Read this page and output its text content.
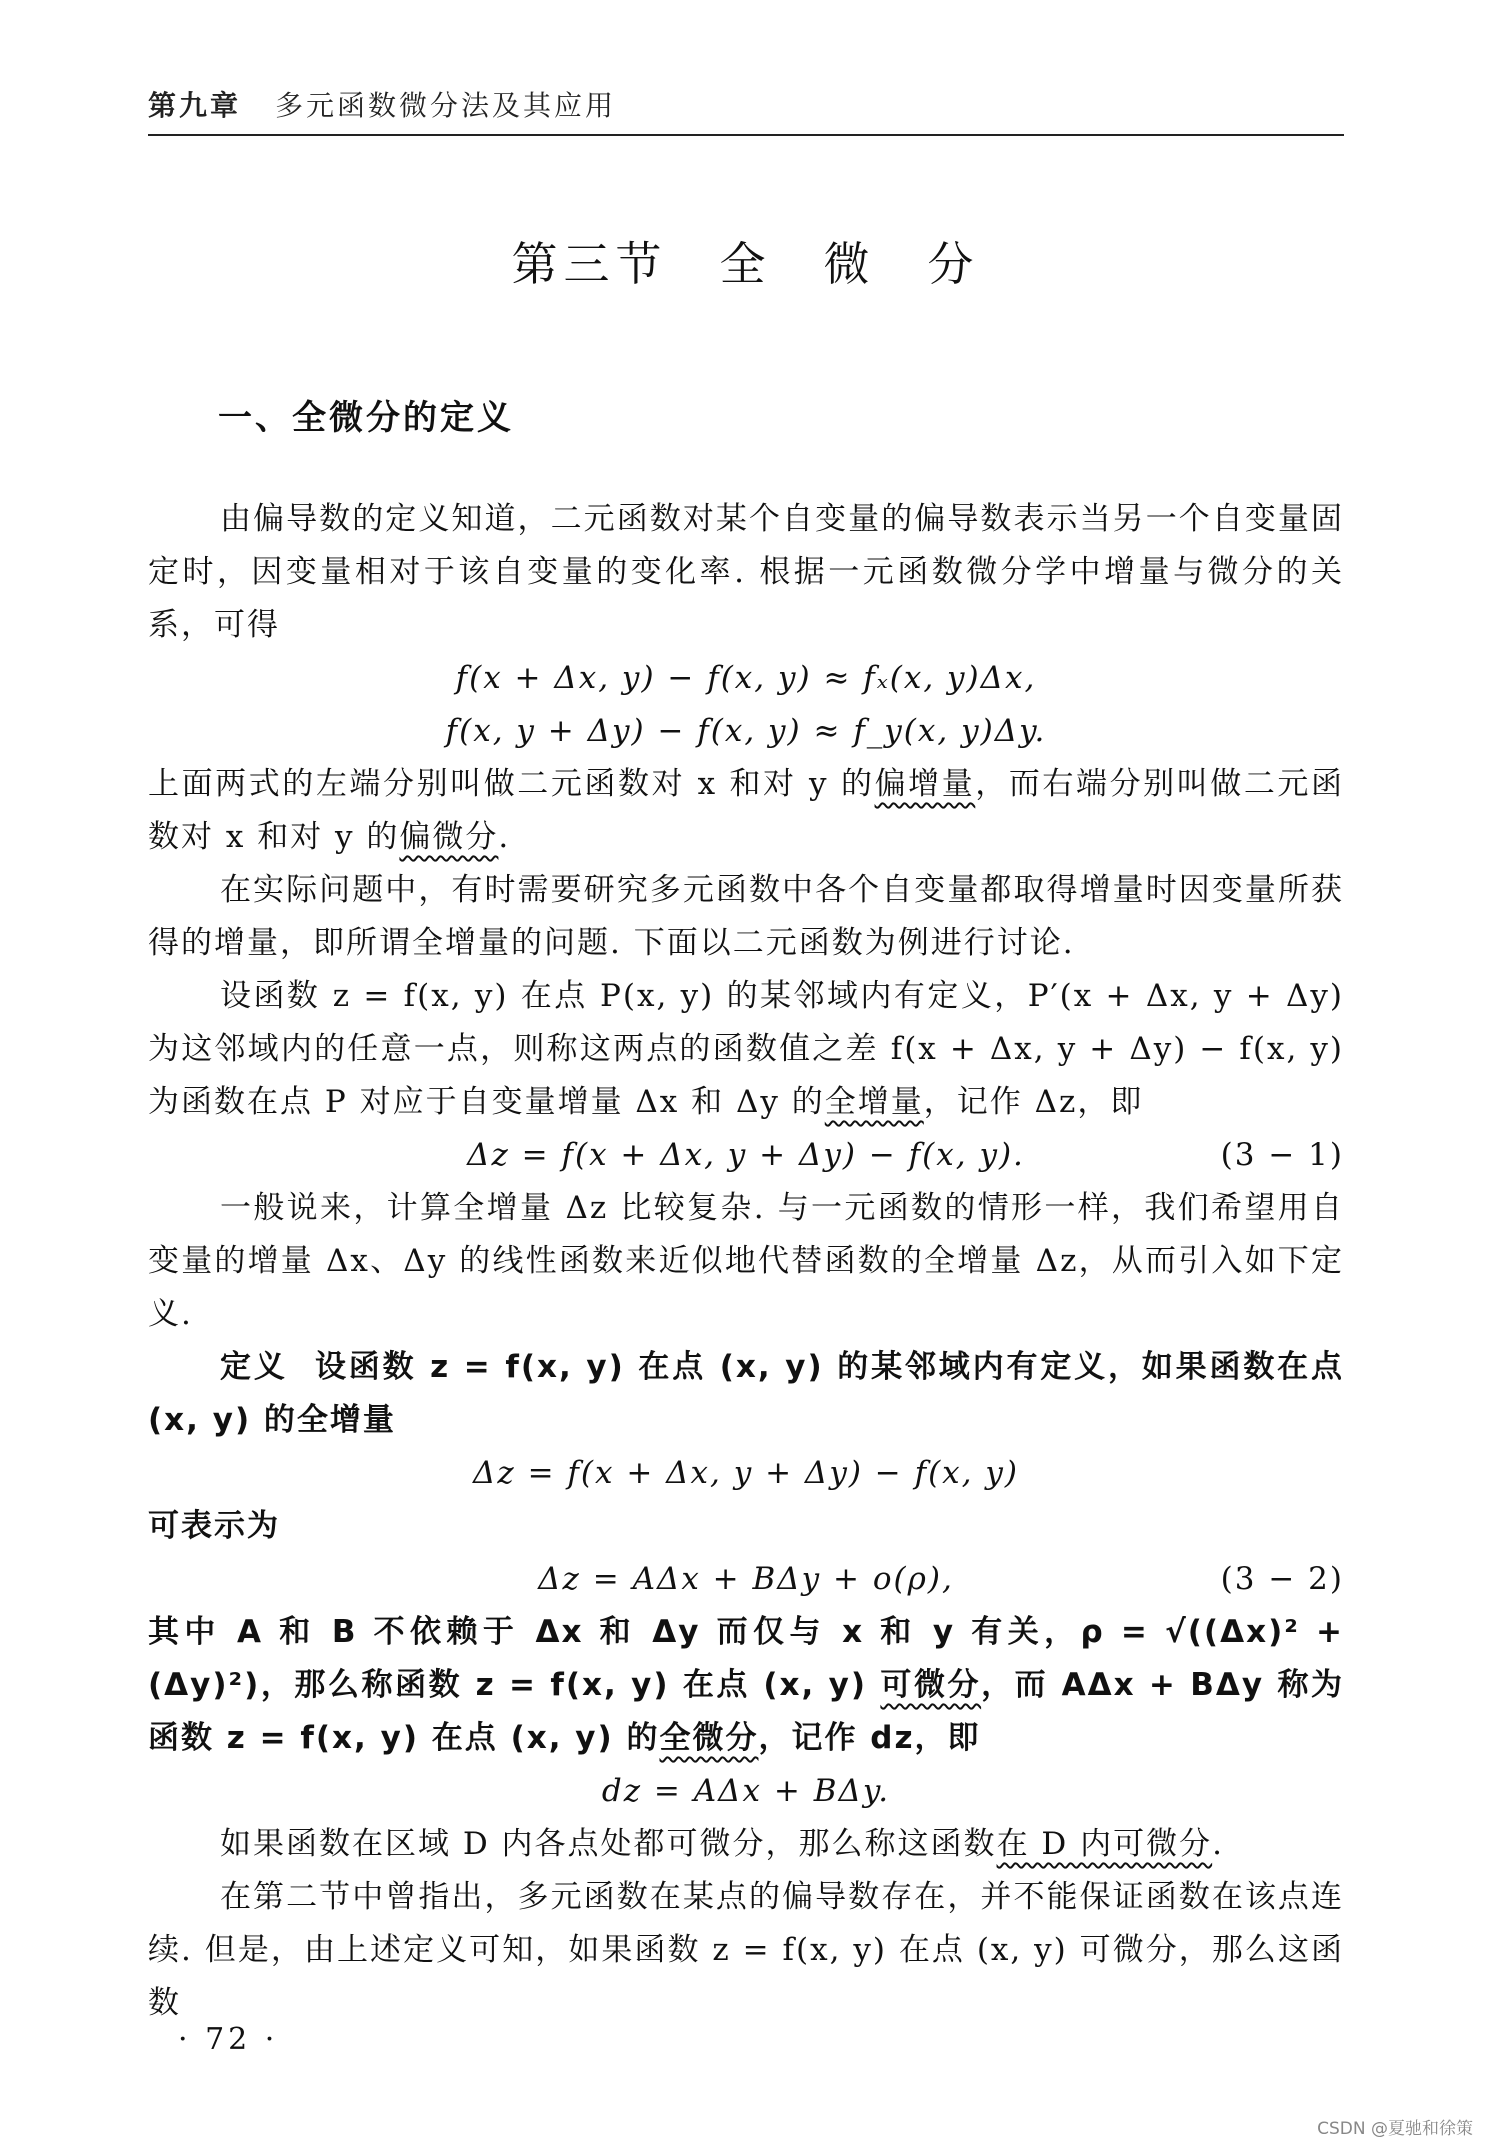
第九章 多元函数微分法及其应用
第三节 全 微 分
一、全微分的定义

由偏导数的定义知道，二元函数对某个自变量的偏导数表示当另一个自变量固定时，因变量相对于该自变量的变化率. 根据一元函数微分学中增量与微分的关系，可得

f(x + Δx, y) − f(x, y) ≈ fₓ(x, y)Δx,

f(x, y + Δy) − f(x, y) ≈ f_y(x, y)Δy.

上面两式的左端分别叫做二元函数对 x 和对 y 的偏增量，而右端分别叫做二元函数对 x 和对 y 的偏微分.

在实际问题中，有时需要研究多元函数中各个自变量都取得增量时因变量所获得的增量，即所谓全增量的问题. 下面以二元函数为例进行讨论.

设函数 z = f(x, y) 在点 P(x, y) 的某邻域内有定义，P′(x + Δx, y + Δy) 为这邻域内的任意一点，则称这两点的函数值之差 f(x + Δx, y + Δy) − f(x, y) 为函数在点 P 对应于自变量增量 Δx 和 Δy 的全增量，记作 Δz，即

Δz = f(x + Δx, y + Δy) − f(x, y).	(3 − 1)

一般说来，计算全增量 Δz 比较复杂. 与一元函数的情形一样，我们希望用自变量的增量 Δx、Δy 的线性函数来近似地代替函数的全增量 Δz，从而引入如下定义.

定义 设函数 z = f(x, y) 在点 (x, y) 的某邻域内有定义，如果函数在点 (x, y) 的全增量

Δz = f(x + Δx, y + Δy) − f(x, y)

可表示为

Δz = AΔx + BΔy + o(ρ),	(3 − 2)

其中 A 和 B 不依赖于 Δx 和 Δy 而仅与 x 和 y 有关，ρ = √((Δx)² + (Δy)²)，那么称函数 z = f(x, y) 在点 (x, y) 可微分，而 AΔx + BΔy 称为函数 z = f(x, y) 在点 (x, y) 的全微分，记作 dz，即

dz = AΔx + BΔy.

如果函数在区域 D 内各点处都可微分，那么称这函数在 D 内可微分.

在第二节中曾指出，多元函数在某点的偏导数存在，并不能保证函数在该点连续. 但是，由上述定义可知，如果函数 z = f(x, y) 在点 (x, y) 可微分，那么这函数

· 72 ·
CSDN @夏驰和徐策
